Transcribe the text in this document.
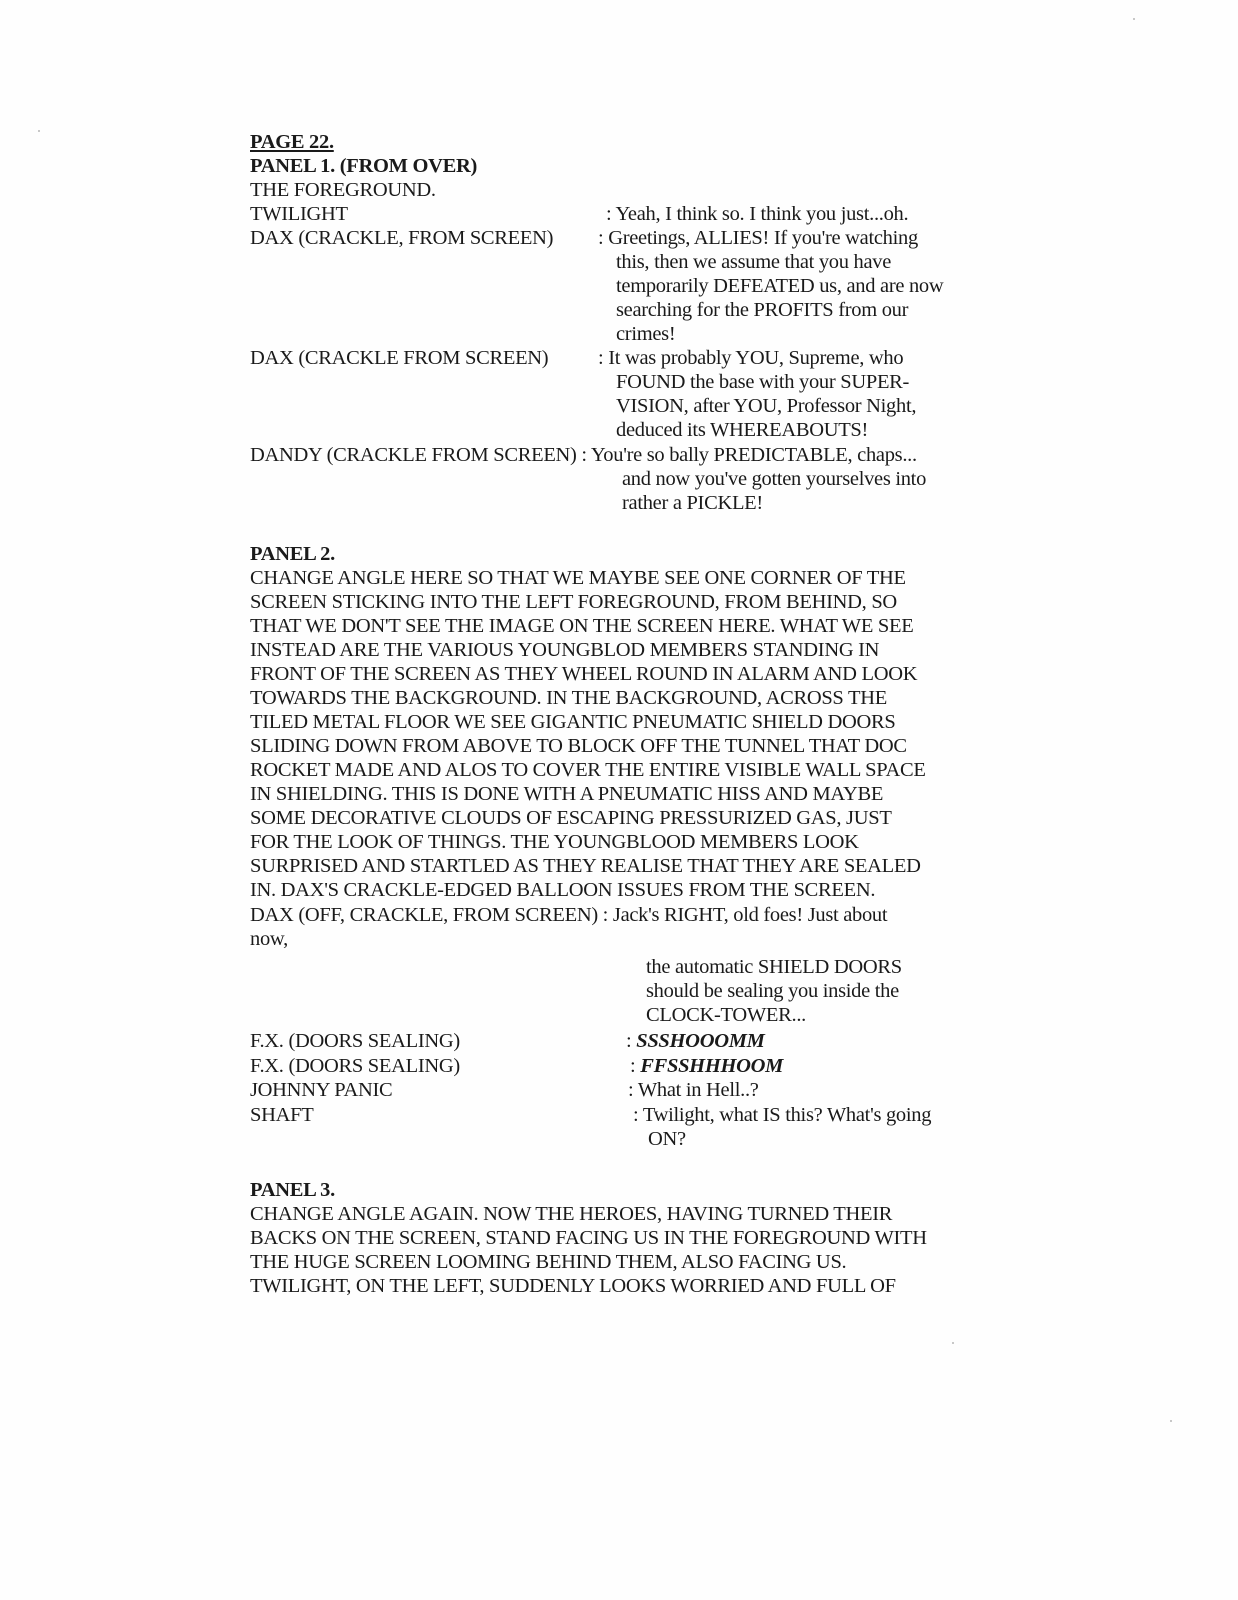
PAGE 22.
PANEL 1. (FROM OVER)
THE FOREGROUND.
TWILIGHT	: Yeah, I think so. I think you just...oh.
DAX (CRACKLE, FROM SCREEN) : Greetings, ALLIES! If you're watching
this, then we assume that you have
temporarily DEFEATED us, and are now
searching for the PROFITS from our
crimes!
DAX (CRACKLE FROM SCREEN) : It was probably YOU, Supreme, who
FOUND the base with your SUPER-
VISION, after YOU, Professor Night,
deduced its WHEREABOUTS!
DANDY (CRACKLE FROM SCREEN) : You're so bally PREDICTABLE, chaps...
and now you've gotten yourselves into
rather a PICKLE!
PANEL 2.
CHANGE ANGLE HERE SO THAT WE MAYBE SEE ONE CORNER OF THE
SCREEN STICKING INTO THE LEFT FOREGROUND, FROM BEHIND, SO
THAT WE DON'T SEE THE IMAGE ON THE SCREEN HERE. WHAT WE SEE
INSTEAD ARE THE VARIOUS YOUNGBLOD MEMBERS STANDING IN
FRONT OF THE SCREEN AS THEY WHEEL ROUND IN ALARM AND LOOK
TOWARDS THE BACKGROUND. IN THE BACKGROUND, ACROSS THE
TILED METAL FLOOR WE SEE GIGANTIC PNEUMATIC SHIELD DOORS
SLIDING DOWN FROM ABOVE TO BLOCK OFF THE TUNNEL THAT DOC
ROCKET MADE AND ALOS TO COVER THE ENTIRE VISIBLE WALL SPACE
IN SHIELDING. THIS IS DONE WITH A PNEUMATIC HISS AND MAYBE
SOME DECORATIVE CLOUDS OF ESCAPING PRESSURIZED GAS, JUST
FOR THE LOOK OF THINGS. THE YOUNGBLOOD MEMBERS LOOK
SURPRISED AND STARTLED AS THEY REALISE THAT THEY ARE SEALED
IN. DAX'S CRACKLE-EDGED BALLOON ISSUES FROM THE SCREEN.
DAX (OFF, CRACKLE, FROM SCREEN) : Jack's RIGHT, old foes! Just about
now,
the automatic SHIELD DOORS
should be sealing you inside the
CLOCK-TOWER...
F.X. (DOORS SEALING)	: SSSHOOOMM
F.X. (DOORS SEALING)	: FFSSHHHOOM
JOHNNY PANIC	: What in Hell..?
SHAFT	: Twilight, what IS this? What's going
ON?
PANEL 3.
CHANGE ANGLE AGAIN. NOW THE HEROES, HAVING TURNED THEIR
BACKS ON THE SCREEN, STAND FACING US IN THE FOREGROUND WITH
THE HUGE SCREEN LOOMING BEHIND THEM, ALSO FACING US.
TWILIGHT, ON THE LEFT, SUDDENLY LOOKS WORRIED AND FULL OF
